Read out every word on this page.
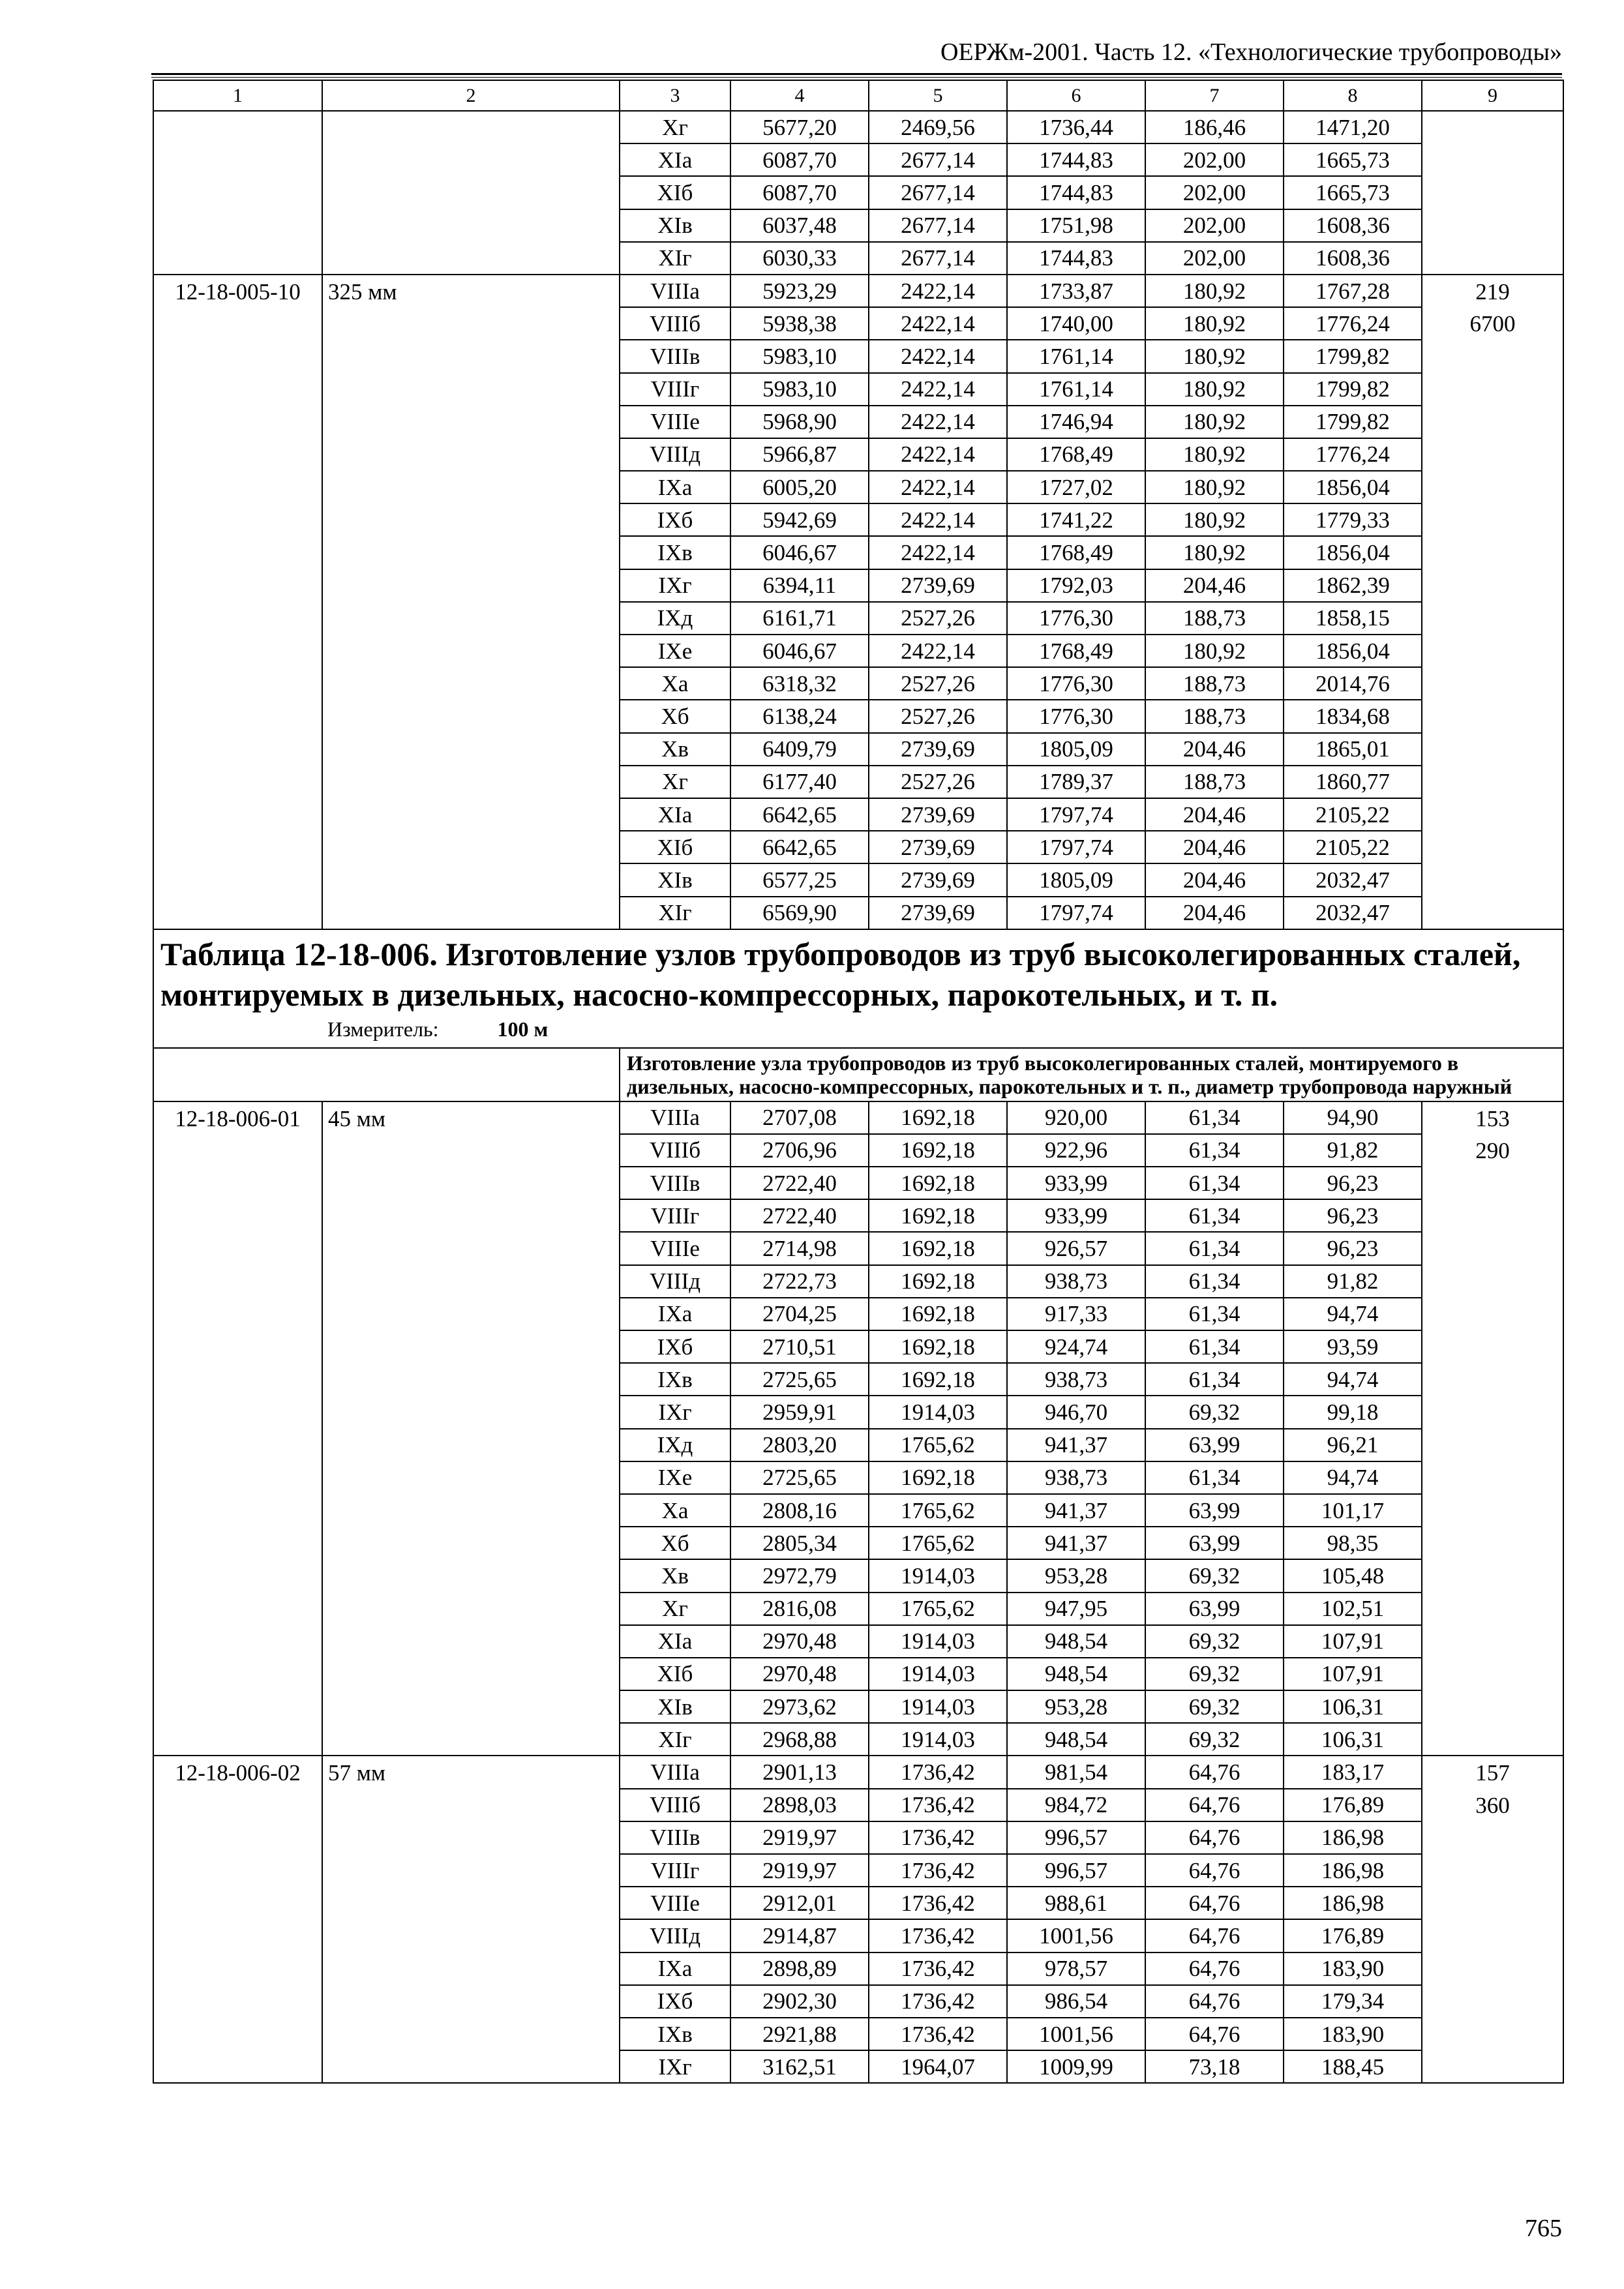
ОЕРЖм-2001. Часть 12. «Технологические трубопроводы»
1	2	3	4	5	6	7	8	9
		Xг	5677,20	2469,56	1736,44	186,46	1471,20	
		XIа	6087,70	2677,14	1744,83	202,00	1665,73	
		XIб	6087,70	2677,14	1744,83	202,00	1665,73	
		XIв	6037,48	2677,14	1751,98	202,00	1608,36	
		XIг	6030,33	2677,14	1744,83	202,00	1608,36	
12-18-005-10	325 мм	VIIIа	5923,29	2422,14	1733,87	180,92	1767,28	219
		VIIIб	5938,38	2422,14	1740,00	180,92	1776,24	6700
		VIIIв	5983,10	2422,14	1761,14	180,92	1799,82	
		VIIIг	5983,10	2422,14	1761,14	180,92	1799,82	
		VIIIе	5968,90	2422,14	1746,94	180,92	1799,82	
		VIIIд	5966,87	2422,14	1768,49	180,92	1776,24	
		IXа	6005,20	2422,14	1727,02	180,92	1856,04	
		IXб	5942,69	2422,14	1741,22	180,92	1779,33	
		IXв	6046,67	2422,14	1768,49	180,92	1856,04	
		IXг	6394,11	2739,69	1792,03	204,46	1862,39	
		IXд	6161,71	2527,26	1776,30	188,73	1858,15	
		IXе	6046,67	2422,14	1768,49	180,92	1856,04	
		Xа	6318,32	2527,26	1776,30	188,73	2014,76	
		Xб	6138,24	2527,26	1776,30	188,73	1834,68	
		Xв	6409,79	2739,69	1805,09	204,46	1865,01	
		Xг	6177,40	2527,26	1789,37	188,73	1860,77	
		XIа	6642,65	2739,69	1797,74	204,46	2105,22	
		XIб	6642,65	2739,69	1797,74	204,46	2105,22	
		XIв	6577,25	2739,69	1805,09	204,46	2032,47	
		XIг	6569,90	2739,69	1797,74	204,46	2032,47	

Таблица 12-18-006. Изготовление узлов трубопроводов из труб высоколегированных сталей, монтируемых в дизельных, насосно-компрессорных, парокотельных, и т. п.
Измеритель: 100 м								

		Изготовление узла трубопроводов из труб высоколегированных сталей, монтируемого в дизельных, насосно-компрессорных, парокотельных и т. п., диаметр трубопровода наружный						
12-18-006-01	45 мм	VIIIа	2707,08	1692,18	920,00	61,34	94,90	153
		VIIIб	2706,96	1692,18	922,96	61,34	91,82	290
		VIIIв	2722,40	1692,18	933,99	61,34	96,23	
		VIIIг	2722,40	1692,18	933,99	61,34	96,23	
		VIIIе	2714,98	1692,18	926,57	61,34	96,23	
		VIIIд	2722,73	1692,18	938,73	61,34	91,82	
		IXа	2704,25	1692,18	917,33	61,34	94,74	
		IXб	2710,51	1692,18	924,74	61,34	93,59	
		IXв	2725,65	1692,18	938,73	61,34	94,74	
		IXг	2959,91	1914,03	946,70	69,32	99,18	
		IXд	2803,20	1765,62	941,37	63,99	96,21	
		IXе	2725,65	1692,18	938,73	61,34	94,74	
		Xа	2808,16	1765,62	941,37	63,99	101,17	
		Xб	2805,34	1765,62	941,37	63,99	98,35	
		Xв	2972,79	1914,03	953,28	69,32	105,48	
		Xг	2816,08	1765,62	947,95	63,99	102,51	
		XIа	2970,48	1914,03	948,54	69,32	107,91	
		XIб	2970,48	1914,03	948,54	69,32	107,91	
		XIв	2973,62	1914,03	953,28	69,32	106,31	
		XIг	2968,88	1914,03	948,54	69,32	106,31	
12-18-006-02	57 мм	VIIIа	2901,13	1736,42	981,54	64,76	183,17	157
		VIIIб	2898,03	1736,42	984,72	64,76	176,89	360
		VIIIв	2919,97	1736,42	996,57	64,76	186,98	
		VIIIг	2919,97	1736,42	996,57	64,76	186,98	
		VIIIе	2912,01	1736,42	988,61	64,76	186,98	
		VIIIд	2914,87	1736,42	1001,56	64,76	176,89	
		IXа	2898,89	1736,42	978,57	64,76	183,90	
		IXб	2902,30	1736,42	986,54	64,76	179,34	
		IXв	2921,88	1736,42	1001,56	64,76	183,90	
		IXг	3162,51	1964,07	1009,99	73,18	188,45	
765
